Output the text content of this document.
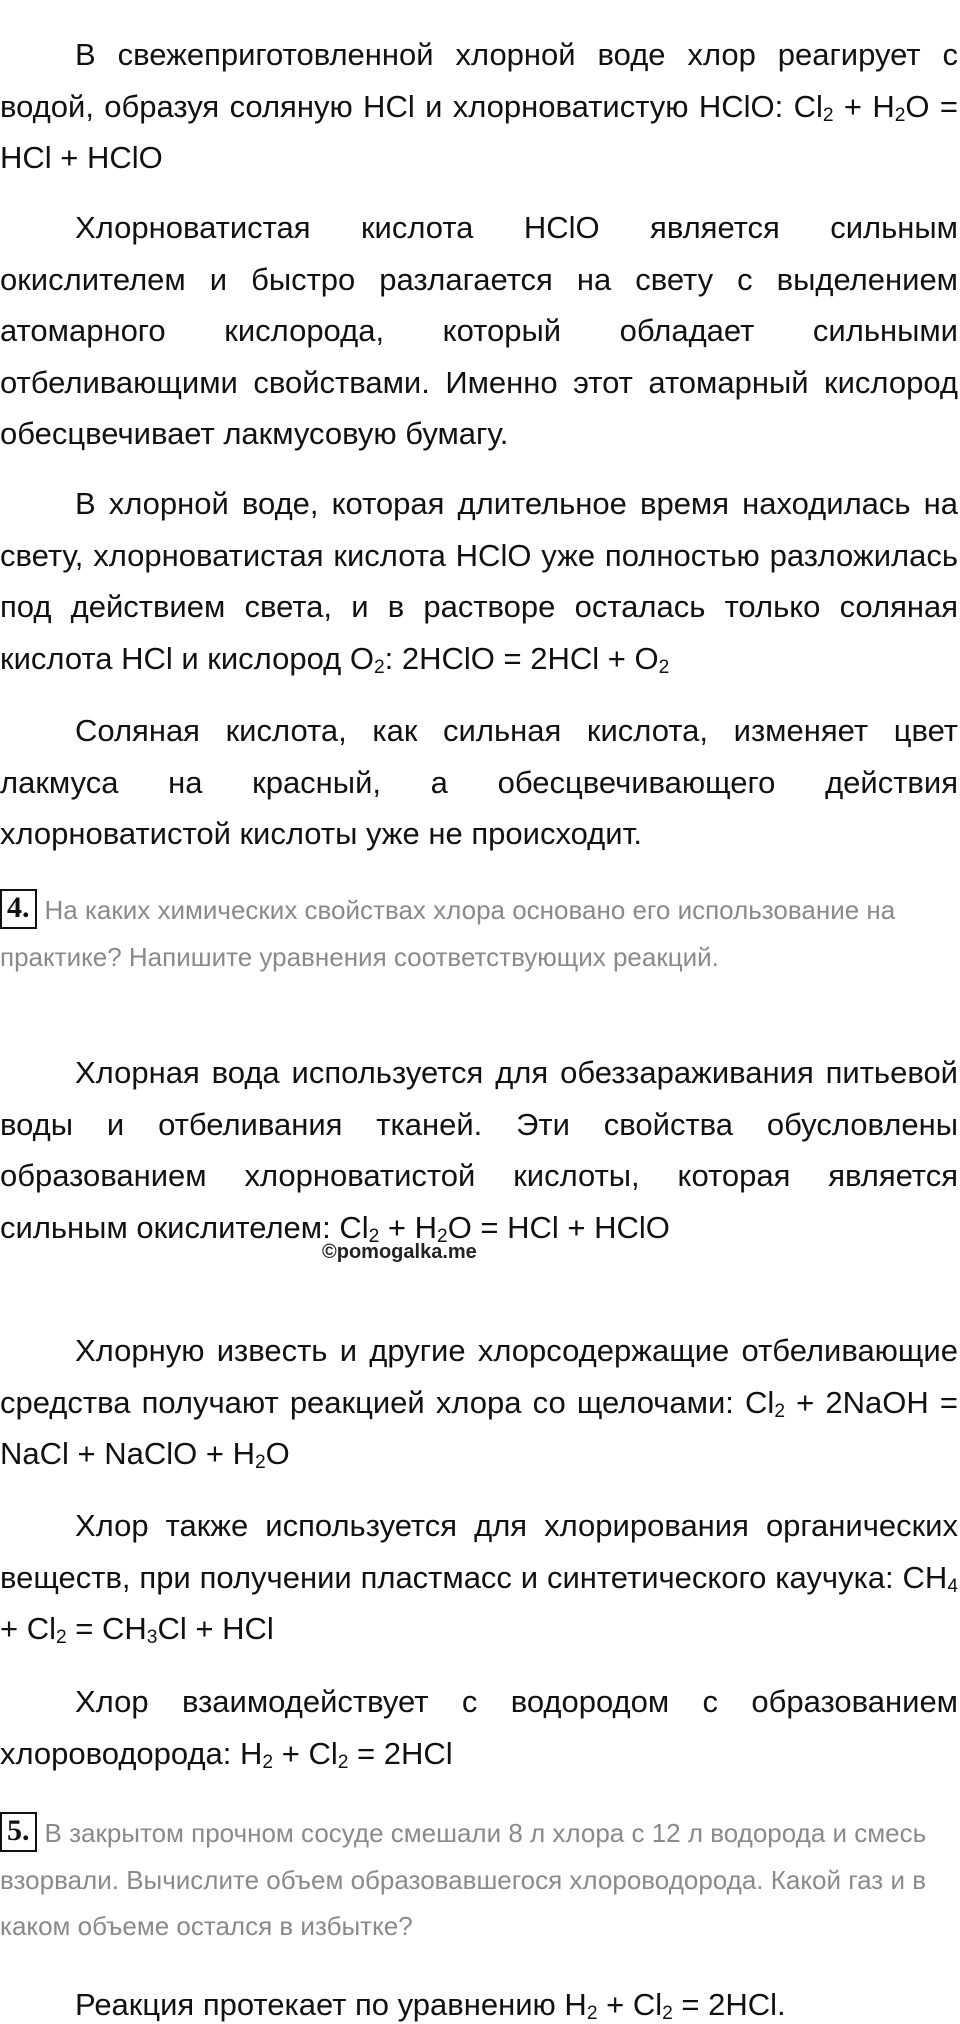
В свежеприготовленной хлорной воде хлор реагирует с водой, образуя соляную HCl и хлорноватистую HClO: $Cl_2 + H_2O$ = HCl + HClO

Хлорноватистая кислота HClO является сильным окислителем и быстро разлагается на свету с выделением атомарного кислорода, который обладает сильными отбеливающими свойствами. Именно этот атомарный кислород обесцвечивает лакмусовую бумагу.

В хлорной воде, которая длительное время находилась на свету, хлорноватистая кислота HClO уже полностью разложилась под действием света, и в растворе осталась только соляная кислота HCl и кислород $O_2$: 2HClO = $2HCl + O_2$

Соляная кислота, как сильная кислота, изменяет цвет лакмуса на красный, а обесцвечивающего действия хлорноватистой кислоты уже не происходит.

4. На каких химических свойствах хлора основано его использование на практике? Напишите уравнения соответствующих реакций.

Хлорная вода используется для обеззараживания питьевой воды и отбеливания тканей. Эти свойства обусловлены образованием хлорноватистой кислоты, которая является сильным окислителем: $Cl_2 + H_2O$ = HCl + HClO

©pomogalka.me

Хлорную известь и другие хлорсодержащие отбеливающие средства получают реакцией хлора со щелочами: $Cl_2$ + 2NaOH = NaCl + NaClO + $H_2O$

Хлор также используется для хлорирования органических веществ, при получении пластмасс и синтетического каучука: $CH_4 + Cl_2 = CH_3Cl$ + HCl

Хлор взаимодействует с водородом с образованием хлороводорода: $H_2 + Cl_2 = 2HCl$

5. В закрытом прочном сосуде смешали 8 л хлора с 12 л водорода и смесь взорвали. Вычислите объем образовавшегося хлороводорода. Какой газ и в каком объеме остался в избытке?

Реакция протекает по уравнению $H_2 + Cl_2 = 2HCl$.
